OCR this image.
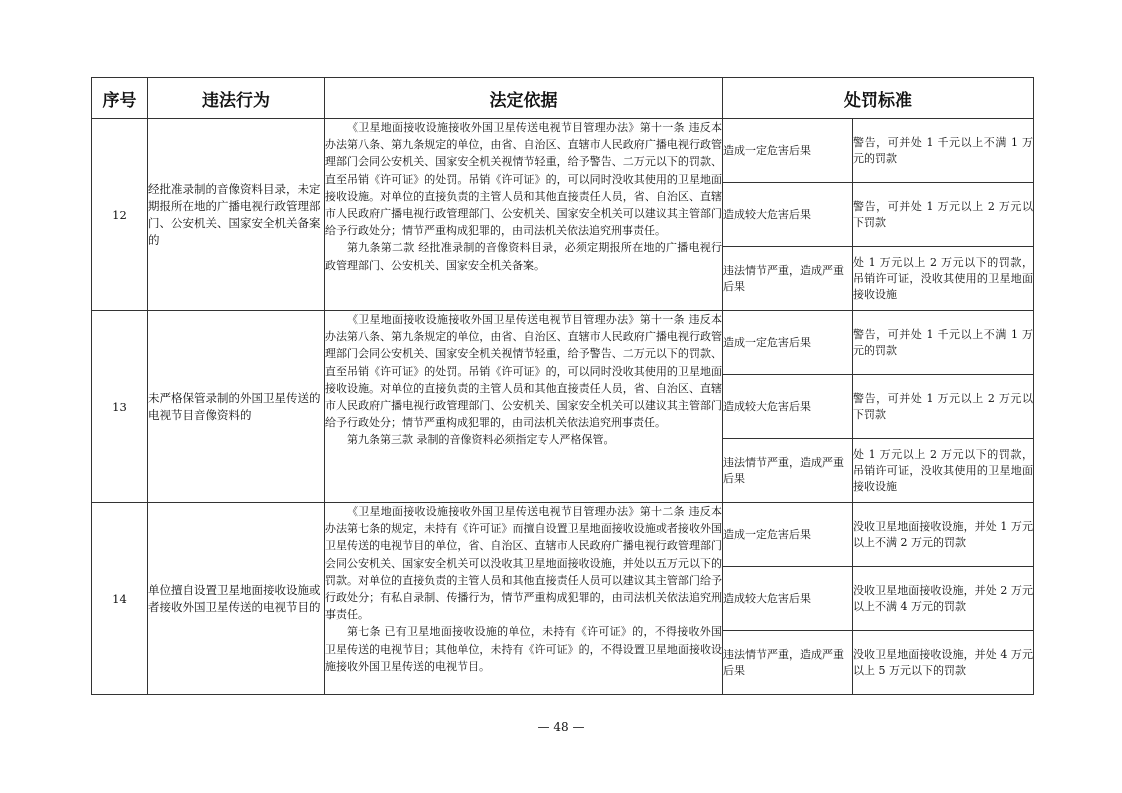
序号	违法行为	法定依据	处罚标准	
12	经批准录制的音像资料目录，未定期报所在地的广播电视行政管理部门、公安机关、国家安全机关备案的	《卫星地面接收设施接收外国卫星传送电视节目管理办法》第十一条 违反本办法第八条、第九条规定的单位，由省、自治区、直辖市人民政府广播电视行政管理部门会同公安机关、国家安全机关视情节轻重，给予警告、二万元以下的罚款、直至吊销《许可证》的处罚。吊销《许可证》的，可以同时没收其使用的卫星地面接收设施。对单位的直接负责的主管人员和其他直接责任人员，省、自治区、直辖市人民政府广播电视行政管理部门、公安机关、国家安全机关可以建议其主管部门给予行政处分；情节严重构成犯罪的，由司法机关依法追究刑事责任。

第九条第二款 经批准录制的音像资料目录，必须定期报所在地的广播电视行政管理部门、公安机关、国家安全机关备案。	造成一定危害后果	警告，可并处 1 千元以上不满 1 万元的罚款
			造成较大危害后果	警告，可并处 1 万元以上 2 万元以下罚款
			违法情节严重，造成严重后果	处 1 万元以上 2 万元以下的罚款，吊销许可证，没收其使用的卫星地面接收设施
13	未严格保管录制的外国卫星传送的电视节目音像资料的	《卫星地面接收设施接收外国卫星传送电视节目管理办法》第十一条 违反本办法第八条、第九条规定的单位，由省、自治区、直辖市人民政府广播电视行政管理部门会同公安机关、国家安全机关视情节轻重，给予警告、二万元以下的罚款、直至吊销《许可证》的处罚。吊销《许可证》的，可以同时没收其使用的卫星地面接收设施。对单位的直接负责的主管人员和其他直接责任人员，省、自治区、直辖市人民政府广播电视行政管理部门、公安机关、国家安全机关可以建议其主管部门给予行政处分；情节严重构成犯罪的，由司法机关依法追究刑事责任。

第九条第三款 录制的音像资料必须指定专人严格保管。	造成一定危害后果	警告，可并处 1 千元以上不满 1 万元的罚款
			造成较大危害后果	警告，可并处 1 万元以上 2 万元以下罚款
			违法情节严重，造成严重后果	处 1 万元以上 2 万元以下的罚款，吊销许可证，没收其使用的卫星地面接收设施
14	单位擅自设置卫星地面接收设施或者接收外国卫星传送的电视节目的	《卫星地面接收设施接收外国卫星传送电视节目管理办法》第十二条 违反本办法第七条的规定，未持有《许可证》而擅自设置卫星地面接收设施或者接收外国卫星传送的电视节目的单位，省、自治区、直辖市人民政府广播电视行政管理部门会同公安机关、国家安全机关可以没收其卫星地面接收设施，并处以五万元以下的罚款。对单位的直接负责的主管人员和其他直接责任人员可以建议其主管部门给予行政处分；有私自录制、传播行为，情节严重构成犯罪的，由司法机关依法追究刑事责任。

第七条 已有卫星地面接收设施的单位，未持有《许可证》的，不得接收外国卫星传送的电视节目；其他单位，未持有《许可证》的，不得设置卫星地面接收设施接收外国卫星传送的电视节目。	造成一定危害后果	没收卫星地面接收设施，并处 1 万元以上不满 2 万元的罚款
			造成较大危害后果	没收卫星地面接收设施，并处 2 万元以上不满 4 万元的罚款
			违法情节严重，造成严重后果	没收卫星地面接收设施，并处 4 万元以上 5 万元以下的罚款
— 48 —
